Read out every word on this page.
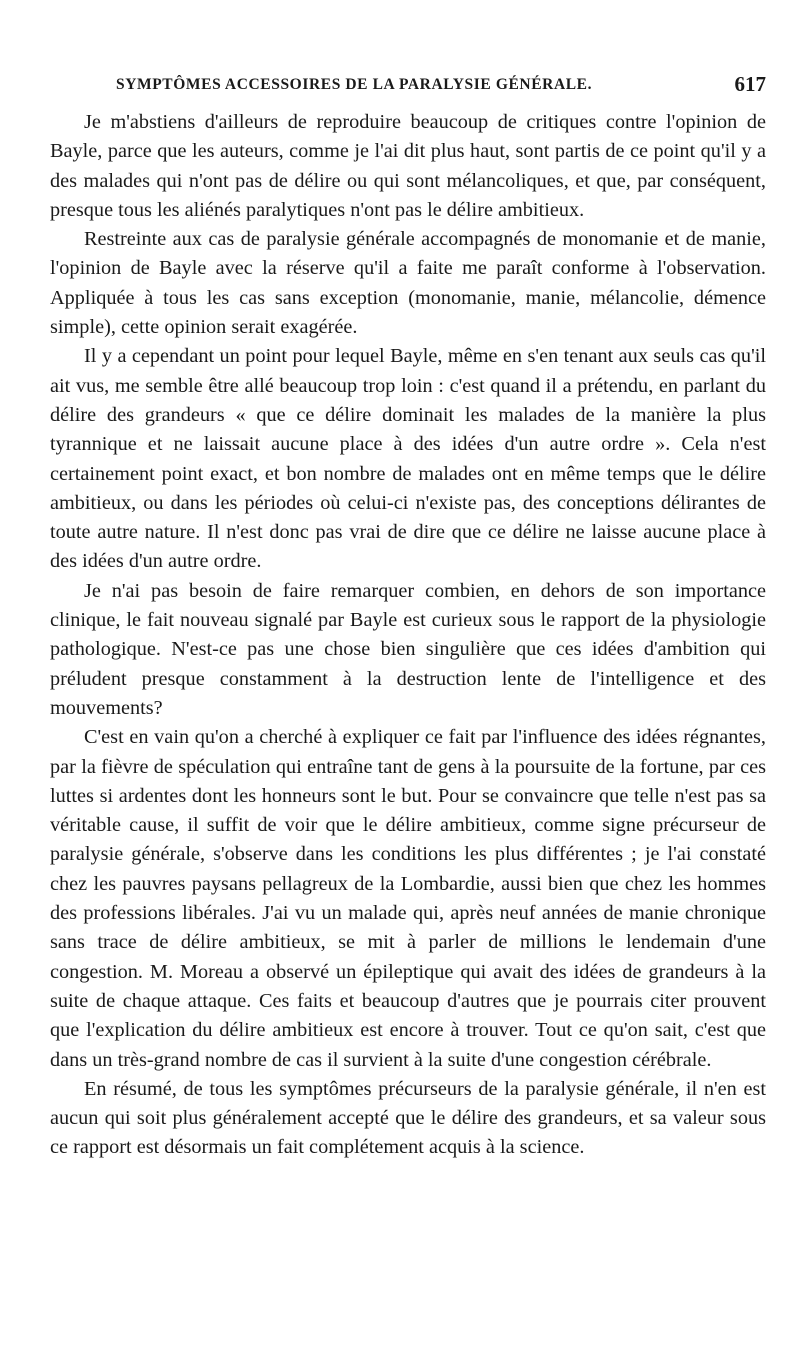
SYMPTÔMES ACCESSOIRES DE LA PARALYSIE GÉNÉRALE.	617

Je m'abstiens d'ailleurs de reproduire beaucoup de critiques contre l'opinion de Bayle, parce que les auteurs, comme je l'ai dit plus haut, sont partis de ce point qu'il y a des malades qui n'ont pas de délire ou qui sont mélancoliques, et que, par conséquent, presque tous les aliénés paralytiques n'ont pas le délire ambitieux.

Restreinte aux cas de paralysie générale accompagnés de monomanie et de manie, l'opinion de Bayle avec la réserve qu'il a faite me paraît conforme à l'observation. Appliquée à tous les cas sans exception (monomanie, manie, mélancolie, démence simple), cette opinion serait exagérée.

Il y a cependant un point pour lequel Bayle, même en s'en tenant aux seuls cas qu'il ait vus, me semble être allé beaucoup trop loin : c'est quand il a prétendu, en parlant du délire des grandeurs « que ce délire dominait les malades de la manière la plus tyrannique et ne laissait aucune place à des idées d'un autre ordre ». Cela n'est certainement point exact, et bon nombre de malades ont en même temps que le délire ambitieux, ou dans les périodes où celui-ci n'existe pas, des conceptions délirantes de toute autre nature. Il n'est donc pas vrai de dire que ce délire ne laisse aucune place à des idées d'un autre ordre.

Je n'ai pas besoin de faire remarquer combien, en dehors de son importance clinique, le fait nouveau signalé par Bayle est curieux sous le rapport de la physiologie pathologique. N'est-ce pas une chose bien singulière que ces idées d'ambition qui préludent presque constamment à la destruction lente de l'intelligence et des mouvements?

C'est en vain qu'on a cherché à expliquer ce fait par l'influence des idées régnantes, par la fièvre de spéculation qui entraîne tant de gens à la poursuite de la fortune, par ces luttes si ardentes dont les honneurs sont le but. Pour se convaincre que telle n'est pas sa véritable cause, il suffit de voir que le délire ambitieux, comme signe précurseur de paralysie générale, s'observe dans les conditions les plus différentes ; je l'ai constaté chez les pauvres paysans pellagreux de la Lombardie, aussi bien que chez les hommes des professions libérales. J'ai vu un malade qui, après neuf années de manie chronique sans trace de délire ambitieux, se mit à parler de millions le lendemain d'une congestion. M. Moreau a observé un épileptique qui avait des idées de grandeurs à la suite de chaque attaque. Ces faits et beaucoup d'autres que je pourrais citer prouvent que l'explication du délire ambitieux est encore à trouver. Tout ce qu'on sait, c'est que dans un très-grand nombre de cas il survient à la suite d'une congestion cérébrale.

En résumé, de tous les symptômes précurseurs de la paralysie générale, il n'en est aucun qui soit plus généralement accepté que le délire des grandeurs, et sa valeur sous ce rapport est désormais un fait complétement acquis à la science.
